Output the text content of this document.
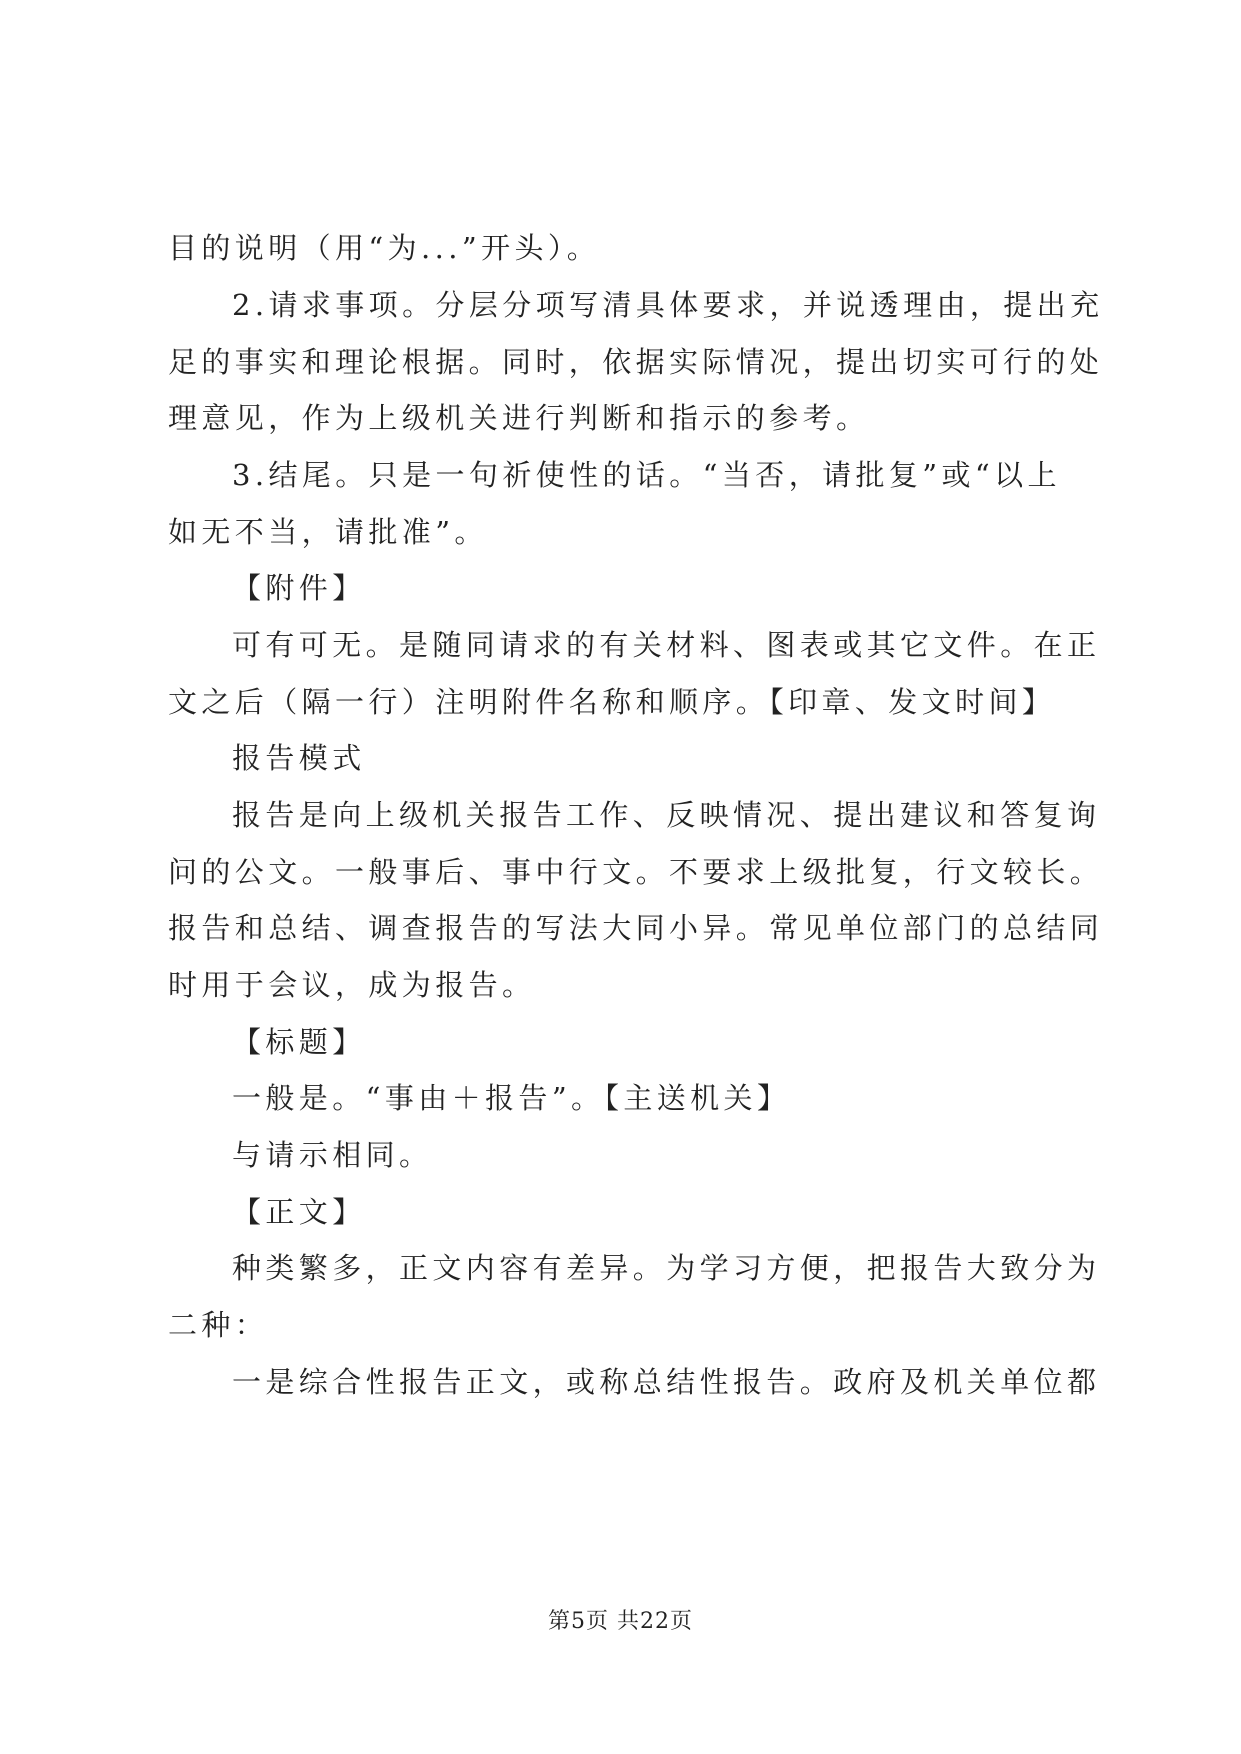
目的说明（用“为...”开头）。
2.请求事项。分层分项写清具体要求，并说透理由，提出充
足的事实和理论根据。同时，依据实际情况，提出切实可行的处
理意见，作为上级机关进行判断和指示的参考。
3.结尾。只是一句祈使性的话。“当否，请批复”或“以上
如无不当，请批准”。
【附件】
可有可无。是随同请求的有关材料、图表或其它文件。在正
文之后（隔一行）注明附件名称和顺序。【印章、发文时间】
报告模式
报告是向上级机关报告工作、反映情况、提出建议和答复询
问的公文。一般事后、事中行文。不要求上级批复，行文较长。
报告和总结、调查报告的写法大同小异。常见单位部门的总结同
时用于会议，成为报告。
【标题】
一般是。“事由＋报告”。【主送机关】
与请示相同。
【正文】
种类繁多，正文内容有差异。为学习方便，把报告大致分为
二种：
一是综合性报告正文，或称总结性报告。政府及机关单位都
第5页 共22页
